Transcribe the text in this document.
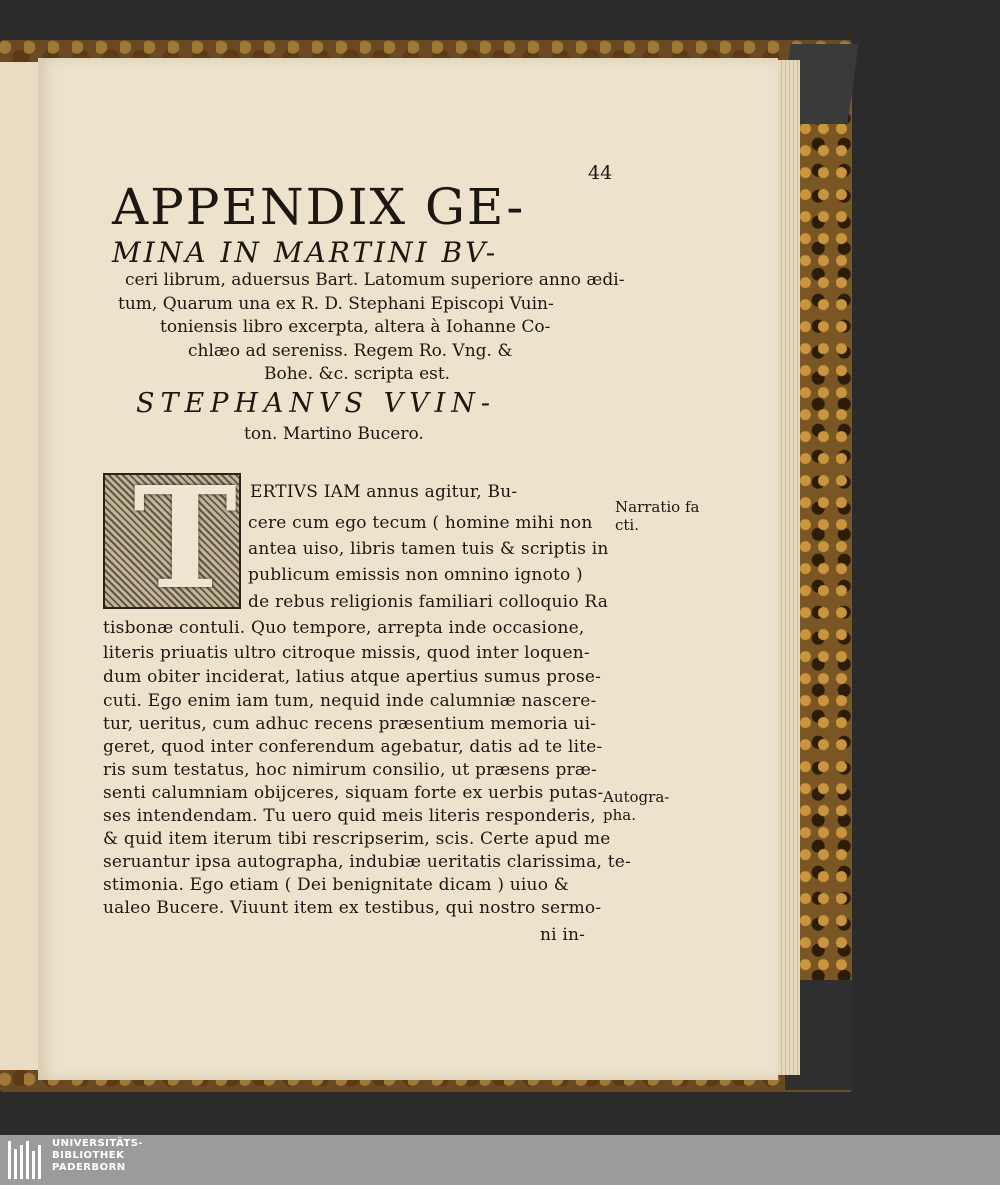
44
APPENDIX GE-
MINA IN MARTINI BV-
ceri librum, aduersus Bart. Latomum superiore anno ædi-
tum, Quarum una ex R. D. Stephani Episcopi Vuin-
toniensis libro excerpta, altera à Iohanne Co-
chlæo ad sereniss. Regem Ro. Vng. &
Bohe. &c. scripta est.
STEPHANVS VVIN-
ton. Martino Bucero.
T ERTIVS IAM annus agitur, Bu-
cere cum ego tecum ( homine mihi non
antea uiso, libris tamen tuis & scriptis in
publicum emissis non omnino ignoto )
de rebus religionis familiari colloquio Ra
tisbonæ contuli. Quo tempore, arrepta inde occasione,
literis priuatis ultro citroque missis, quod inter loquen-
dum obiter inciderat, latius atque apertius sumus prose-
cuti. Ego enim iam tum, nequid inde calumniæ nascere-
tur, ueritus, cum adhuc recens præsentium memoria ui-
geret, quod inter conferendum agebatur, datis ad te lite-
ris sum testatus, hoc nimirum consilio, ut præsens præ-
senti calumniam obijceres, siquam forte ex uerbis putas-
ses intendendam. Tu uero quid meis literis responderis,
& quid item iterum tibi rescripserim, scis. Certe apud me
seruantur ipsa autographa, indubiæ ueritatis clarissima, te-
stimonia. Ego etiam ( Dei benignitate dicam ) uiuo &
ualeo Bucere. Viuunt item ex testibus, qui nostro sermo-
ni in-
Narratio fa
cti.
Autogra-
pha.
UNIVERSITÄTS-
BIBLIOTHEK
PADERBORN
